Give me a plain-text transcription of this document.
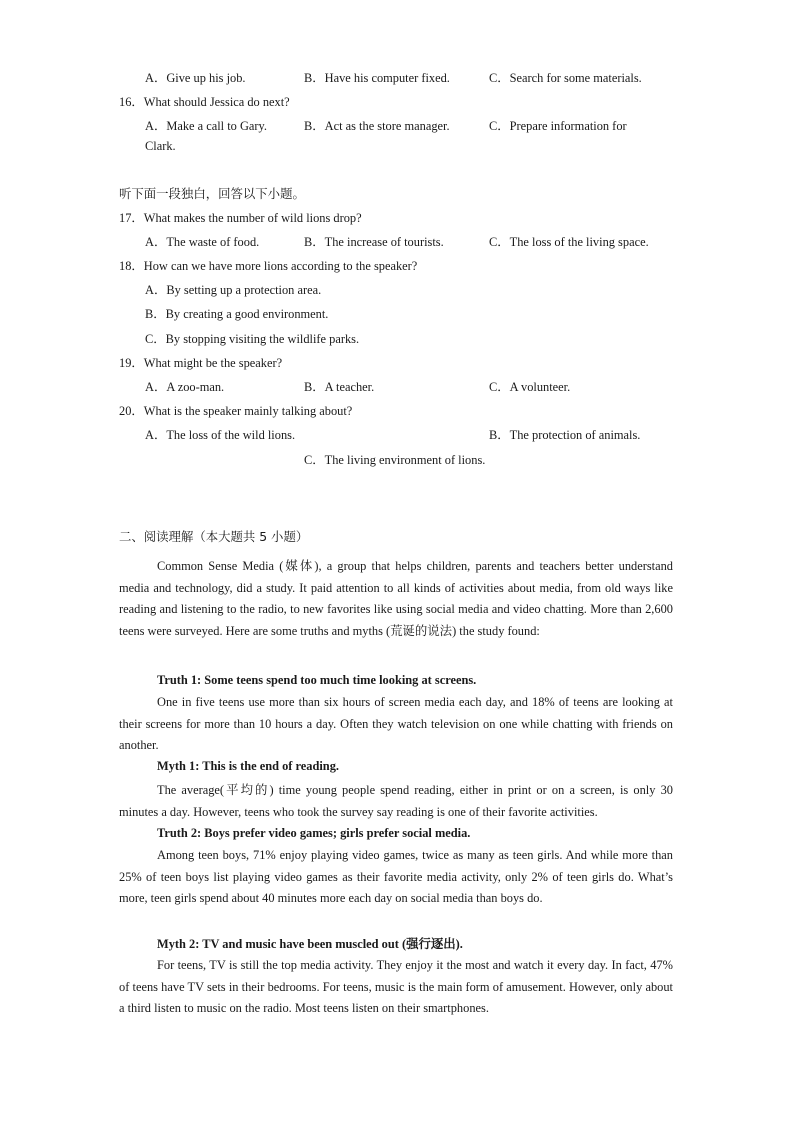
A．Give up his job.	B．Have his computer fixed.	C．Search for some materials.
16．What should Jessica do next?
A．Make a call to Gary.	B．Act as the store manager.	C．Prepare information for
Clark.
听下面一段独白，回答以下小题。
17．What makes the number of wild lions drop?
A．The waste of food.	B．The increase of tourists.	C．The loss of the living space.
18．How can we have more lions according to the speaker?
A．By setting up a protection area.
B．By creating a good environment.
C．By stopping visiting the wildlife parks.
19．What might be the speaker?
A．A zoo-man.	B．A teacher.	C．A volunteer.
20．What is the speaker mainly talking about?
A．The loss of the wild lions.	B．The protection of animals.
C．The living environment of lions.
二、阅读理解（本大题共 5 小题）

Common Sense Media (媒体), a group that helps children, parents and teachers better understand media and technology, did a study. It paid attention to all kinds of activities about media, from old ways like reading and listening to the radio, to new favorites like using social media and video chatting. More than 2,600 teens were surveyed. Here are some truths and myths (荒诞的说法) the study found:

Truth 1: Some teens spend too much time looking at screens.

One in five teens use more than six hours of screen media each day, and 18% of teens are looking at their screens for more than 10 hours a day. Often they watch television on one while chatting with friends on another.

Myth 1: This is the end of reading.

The average(平均的) time young people spend reading, either in print or on a screen, is only 30 minutes a day. However, teens who took the survey say reading is one of their favorite activities.

Truth 2: Boys prefer video games; girls prefer social media.

Among teen boys, 71% enjoy playing video games, twice as many as teen girls. And while more than 25% of teen boys list playing video games as their favorite media activity, only 2% of teen girls do. What’s more, teen girls spend about 40 minutes more each day on social media than boys do.

Myth 2: TV and music have been muscled out (强行逐出).

For teens, TV is still the top media activity. They enjoy it the most and watch it every day. In fact, 47% of teens have TV sets in their bedrooms. For teens, music is the main form of amusement. However, only about a third listen to music on the radio. Most teens listen on their smartphones.
